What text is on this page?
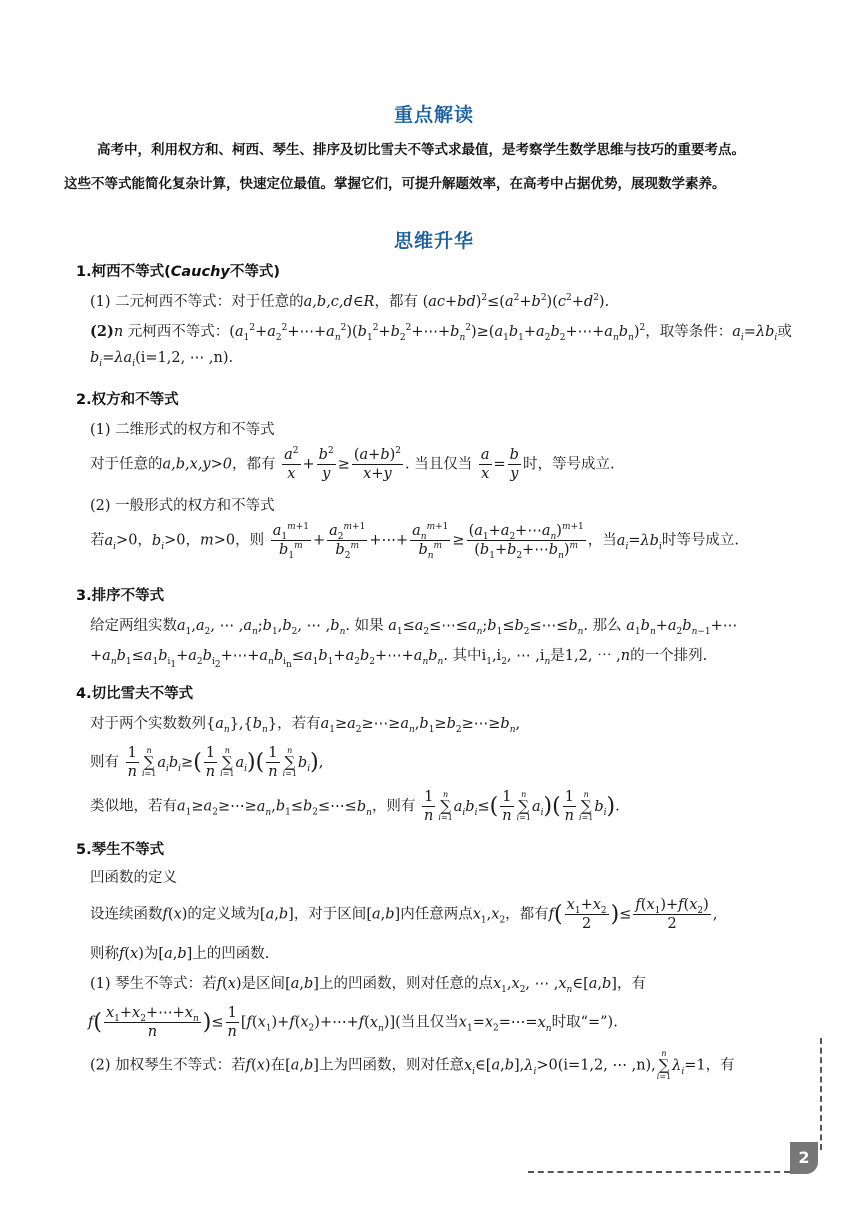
重点解读
高考中，利用权方和、柯西、琴生、排序及切比雪夫不等式求最值，是考察学生数学思维与技巧的重要考点。
这些不等式能简化复杂计算，快速定位最值。掌握它们，可提升解题效率，在高考中占据优势，展现数学素养。
思维升华
1.柯西不等式(Cauchy不等式)
(1) 二元柯西不等式：对于任意的a,b,c,d∈R，都有 $(ac+bd)^2\le(a^2+b^2)(c^2+d^2)$.
(2)n 元柯西不等式：$(a_1^2+a_2^2+\cdots+a_n^2)(b_1^2+b_2^2+\cdots+b_n^2)\ge(a_1b_1+a_2b_2+\cdots+a_nb_n)^2$，取等条件：$a_i=\lambda b_i$或
$b_i=\lambda a_i(i=1,2$, ⋯ ,n).
2.权方和不等式
(1) 二维形式的权方和不等式
对于任意的a,b,x,y>0，都有 $\frac{a^2}{x} + \frac{b^2}{y} \ge \frac{(a+b)^2}{x+y}$ . 当且仅当 $\frac{a}{x} = \frac{b}{y}$ 时，等号成立.
(2) 一般形式的权方和不等式
若$a_i>0$，$b_i>0$，m>0，则 $\frac{a_1^{m+1}}{b_1^m} + \frac{a_2^{m+1}}{b_2^m}$ +⋯+ $\frac{a_n^{m+1}}{b_n^m} \ge \frac{(a_1+a_2+\cdots a_n)^{m+1}}{(b_1+b_2+\cdots b_n)^m}$ ，当$a_i=\lambda b_i$时等号成立.
3.排序不等式
给定两组实数$a_1,a_2$, ⋯ $,a_n;b_1,b_2$, ⋯ $,b_n$. 如果 $a_1\le a_2\le\cdots\le a_n;b_1\le b_2\le\cdots\le b_n$. 那么 $a_1b_n+a_2b_{n-1}+\cdots$
$+a_nb_1\le a_1b_{i_1}+a_2b_{i_2}+\cdots+a_nb_{i_n}\le a_1b_1+a_2b_2+\cdots+a_nb_n$. 其中$i_1,i_2$, ⋯ $,i_n$是1,2, ⋯ ,n的一个排列.
4.切比雪夫不等式
对于两个实数数列$\{a_n\},\{b_n\}$，若有$a_1\ge a_2\ge\cdots\ge a_n,b_1\ge b_2\ge\cdots\ge b_n$,
则有 $\frac{1}{n}$ n
∑
$i=1a_ib_i\ge( \frac{1}{n}$ n
∑
$i=1a_i)( \frac{1}{n}$ n
∑
$i=1b_i$),
类似地，若有$a_1\ge a_2\ge\cdots\ge a_n,b_1\le b_2\le\cdots\le b_n$，则有 $\frac{1}{n}$ n
∑
$i=1a_ib_i\le( \frac{1}{n}$ n
∑
$i=1a_i)( \frac{1}{n}$ n
∑
$i=1b_i$).
5.琴生不等式
凹函数的定义
设连续函数f(x)的定义域为[a,b]，对于区间[a,b]内任意两点$x_1,x_2$，都有$f( \frac{x_1+x_2}{2}$ )≤ $\frac{f(x_1)+f(x_2)}{2}$ ,
则称f(x)为[a,b]上的凹函数.
(1) 琴生不等式：若f(x)是区间[a,b]上的凹函数，则对任意的点$x_1,x_2$, ⋯ $,x_n\in[a,b]$，有
$f( \frac{x_1+x_2+\cdots+x_n}{n}$ )≤ $\frac{1}{n}$ $[f(x_1)+f(x_2)+\cdots+f(x_n)]$(当且仅当$x_1=x_2=\cdots=x_n$时取“=”).
(2) 加权琴生不等式：若f(x)在[a,b]上为凹函数，则对任意$x_i\in[a,b],\lambda_i>0(i=1,2$, ⋯ ,n),n
∑
$i=1\lambda_i=1$，有
2
